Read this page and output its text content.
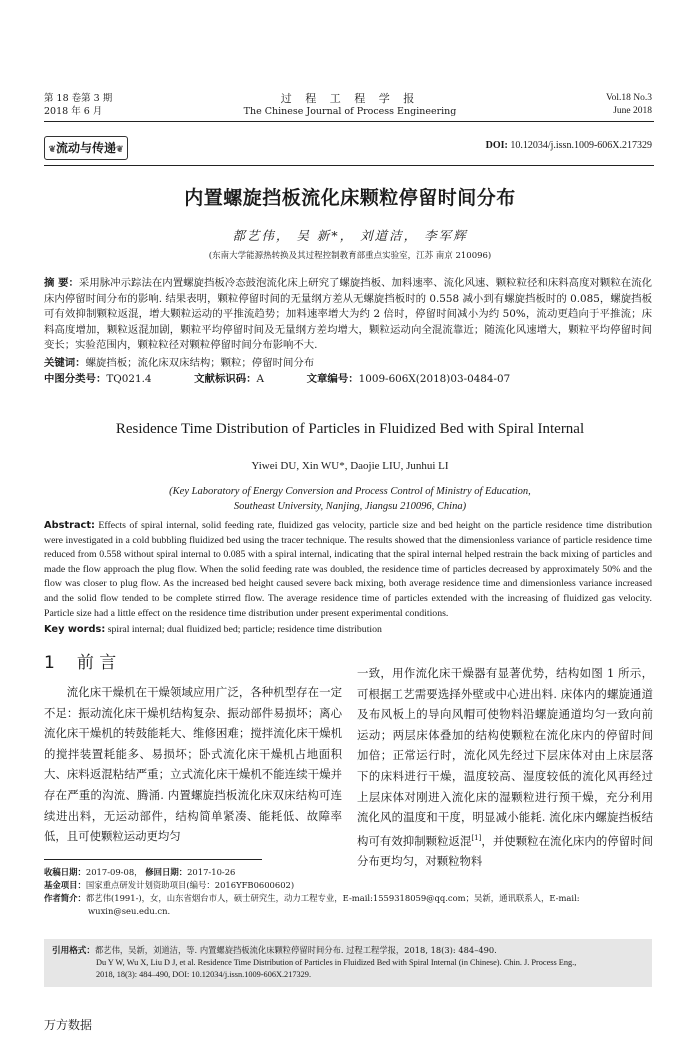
第 18 卷第 3 期
2018 年 6 月
过 程 工 程 学 报
The Chinese Journal of Process Engineering
Vol.18 No.3
June 2018
❦流动与传递❦	DOI: 10.12034/j.issn.1009-606X.217329
内置螺旋挡板流化床颗粒停留时间分布
都艺伟， 吴 新*， 刘道洁， 李军辉
(东南大学能源热转换及其过程控制教育部重点实验室，江苏 南京 210096)
摘 要：采用脉冲示踪法在内置螺旋挡板冷态鼓泡流化床上研究了螺旋挡板、加料速率、流化风速、颗粒粒径和床料高度对颗粒在流化床内停留时间分布的影响. 结果表明，颗粒停留时间的无量纲方差从无螺旋挡板时的 0.558 减小到有螺旋挡板时的 0.085，螺旋挡板可有效抑制颗粒返混，增大颗粒运动的平推流趋势；加料速率增大为约 2 倍时，停留时间减小为约 50%，流动更趋向于平推流；床料高度增加，颗粒返混加剧，颗粒平均停留时间及无量纲方差均增大，颗粒运动向全混流靠近；随流化风速增大，颗粒平均停留时间变长；实验范围内，颗粒粒径对颗粒停留时间分布影响不大.
关键词：螺旋挡板；流化床双床结构；颗粒；停留时间分布
中图分类号：TQ021.4	文献标识码：A	文章编号：1009-606X(2018)03-0484-07
Residence Time Distribution of Particles in Fluidized Bed with Spiral Internal
Yiwei DU, Xin WU*, Daojie LIU, Junhui LI
(Key Laboratory of Energy Conversion and Process Control of Ministry of Education,
Southeast University, Nanjing, Jiangsu 210096, China)
Abstract: Effects of spiral internal, solid feeding rate, fluidized gas velocity, particle size and bed height on the particle residence time distribution were investigated in a cold bubbling fluidized bed using the tracer technique. The results showed that the dimensionless variance of particle residence time reduced from 0.558 without spiral internal to 0.085 with a spiral internal, indicating that the spiral internal helped restrain the back mixing of particles and made the flow approach the plug flow. When the solid feeding rate was doubled, the residence time of particles decreased by approximately 50% and the flow was closer to plug flow. As the increased bed height caused severe back mixing, both average residence time and dimensionless variance increased and the solid flow tended to be complete stirred flow. The average residence time of particles extended with the increasing of fluidized gas velocity. Particle size had a little effect on the residence time distribution under present experimental conditions.
Key words: spiral internal; dual fluidized bed; particle; residence time distribution
1 前 言
流化床干燥机在干燥领域应用广泛，各种机型存在一定不足：振动流化床干燥机结构复杂、振动部件易损坏；离心流化床干燥机的转鼓能耗大、维修困难；搅拌流化床干燥机的搅拌装置耗能多、易损坏；卧式流化床干燥机占地面积大、床料返混粘结严重；立式流化床干燥机不能连续干燥并存在严重的沟流、腾涌. 内置螺旋挡板流化床双床结构可连续进出料，无运动部件，结构简单紧凑、能耗低、故障率低，且可使颗粒运动更均匀
一致，用作流化床干燥器有显著优势，结构如图 1 所示，可根据工艺需要选择外壁或中心进出料. 床体内的螺旋通道及布风板上的导向风帽可使物料沿螺旋通道均匀一致向前运动；两层床体叠加的结构使颗粒在流化床内的停留时间加倍；正常运行时，流化风先经过下层床体对由上床层落下的床料进行干燥，温度较高、湿度较低的流化风再经过上层床体对刚进入流化床的湿颗粒进行预干燥，充分利用流化风的温度和干度，明显减小能耗. 流化床内螺旋挡板结构可有效抑制颗粒返混[1]，并使颗粒在流化床内的停留时间分布更均匀，对颗粒物料
收稿日期：2017-09-08， 修回日期：2017-10-26
基金项目：国家重点研发计划资助项目(编号：2016YFB0600602)
作者简介：都艺伟(1991-)，女，山东省烟台市人，硕士研究生，动力工程专业，E-mail:1559318059@qq.com；吴新，通讯联系人，E-mail:
wuxin@seu.edu.cn.
引用格式：都艺伟，吴新，刘道洁，等. 内置螺旋挡板流化床颗粒停留时间分布. 过程工程学报，2018, 18(3): 484–490.
Du Y W, Wu X, Liu D J, et al. Residence Time Distribution of Particles in Fluidized Bed with Spiral Internal (in Chinese). Chin. J. Process Eng.,
2018, 18(3): 484–490, DOI: 10.12034/j.issn.1009-606X.217329.
万方数据
